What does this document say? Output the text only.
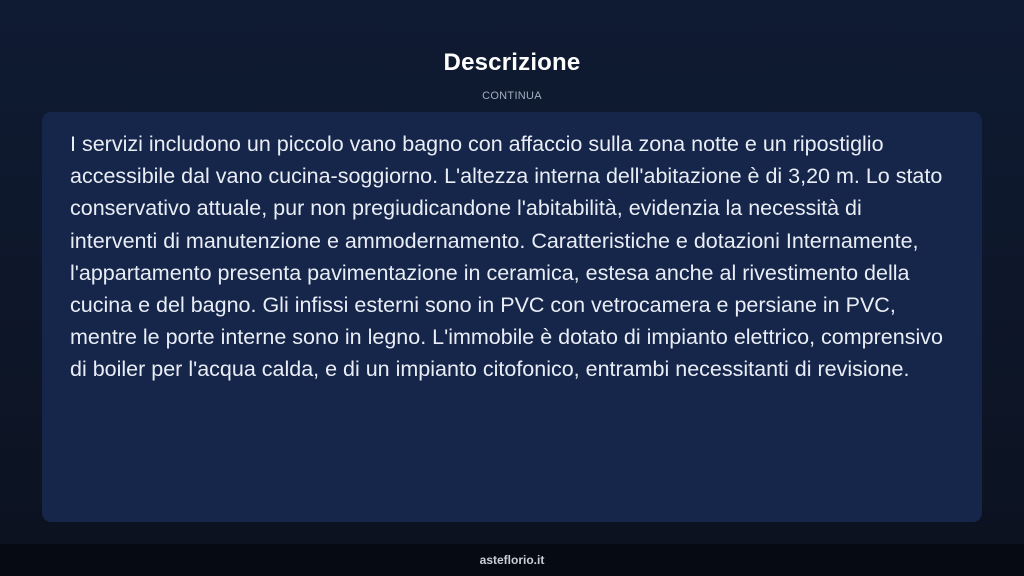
Descrizione
CONTINUA

I servizi includono un piccolo vano bagno con affaccio sulla zona notte e un ripostiglio accessibile dal vano cucina-soggiorno. L'altezza interna dell'abitazione è di 3,20 m. Lo stato conservativo attuale, pur non pregiudicandone l'abitabilità, evidenzia la necessità di interventi di manutenzione e ammodernamento. Caratteristiche e dotazioni Internamente, l'appartamento presenta pavimentazione in ceramica, estesa anche al rivestimento della cucina e del bagno. Gli infissi esterni sono in PVC con vetrocamera e persiane in PVC, mentre le porte interne sono in legno. L'immobile è dotato di impianto elettrico, comprensivo di boiler per l'acqua calda, e di un impianto citofonico, entrambi necessitanti di revisione.

asteflorio.it
